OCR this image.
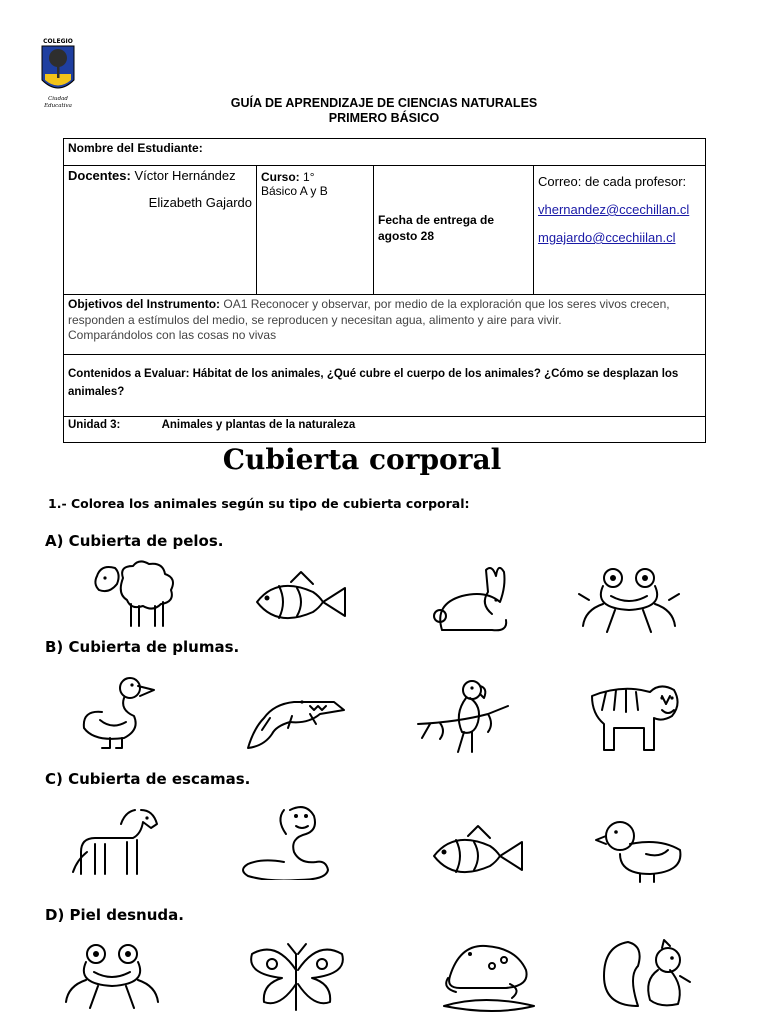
COLEGIO
Ciudad
Educativa	GUÍA DE APRENDIZAJE DE CIENCIAS NATURALES
PRIMERO BÁSICO
Nombre del Estudiante:

Docentes: Víctor Hernández
Elizabeth Gajardo

Curso: 1°
Básico A y B

Fecha de entrega de agosto 28

Correo: de cada profesor:
vhernandez@ccechillan.cl
mgajardo@ccechiilan.cl

Objetivos del Instrumento: OA1 Reconocer y observar, por medio de la exploración que los seres vivos crecen, responden a estímulos del medio, se reproducen y necesitan agua, alimento y aire para vivir.
Comparándolos con las cosas no vivas
Contenidos a Evaluar: Hábitat de los animales, ¿Qué cubre el cuerpo de los animales? ¿Cómo se desplazan los animales?
Unidad 3:	Animales y plantas de la naturaleza
Cubierta corporal
1.- Colorea los animales según su tipo de cubierta corporal:
A) Cubierta de pelos.
B) Cubierta de plumas.
C) Cubierta de escamas.
D) Piel desnuda.
